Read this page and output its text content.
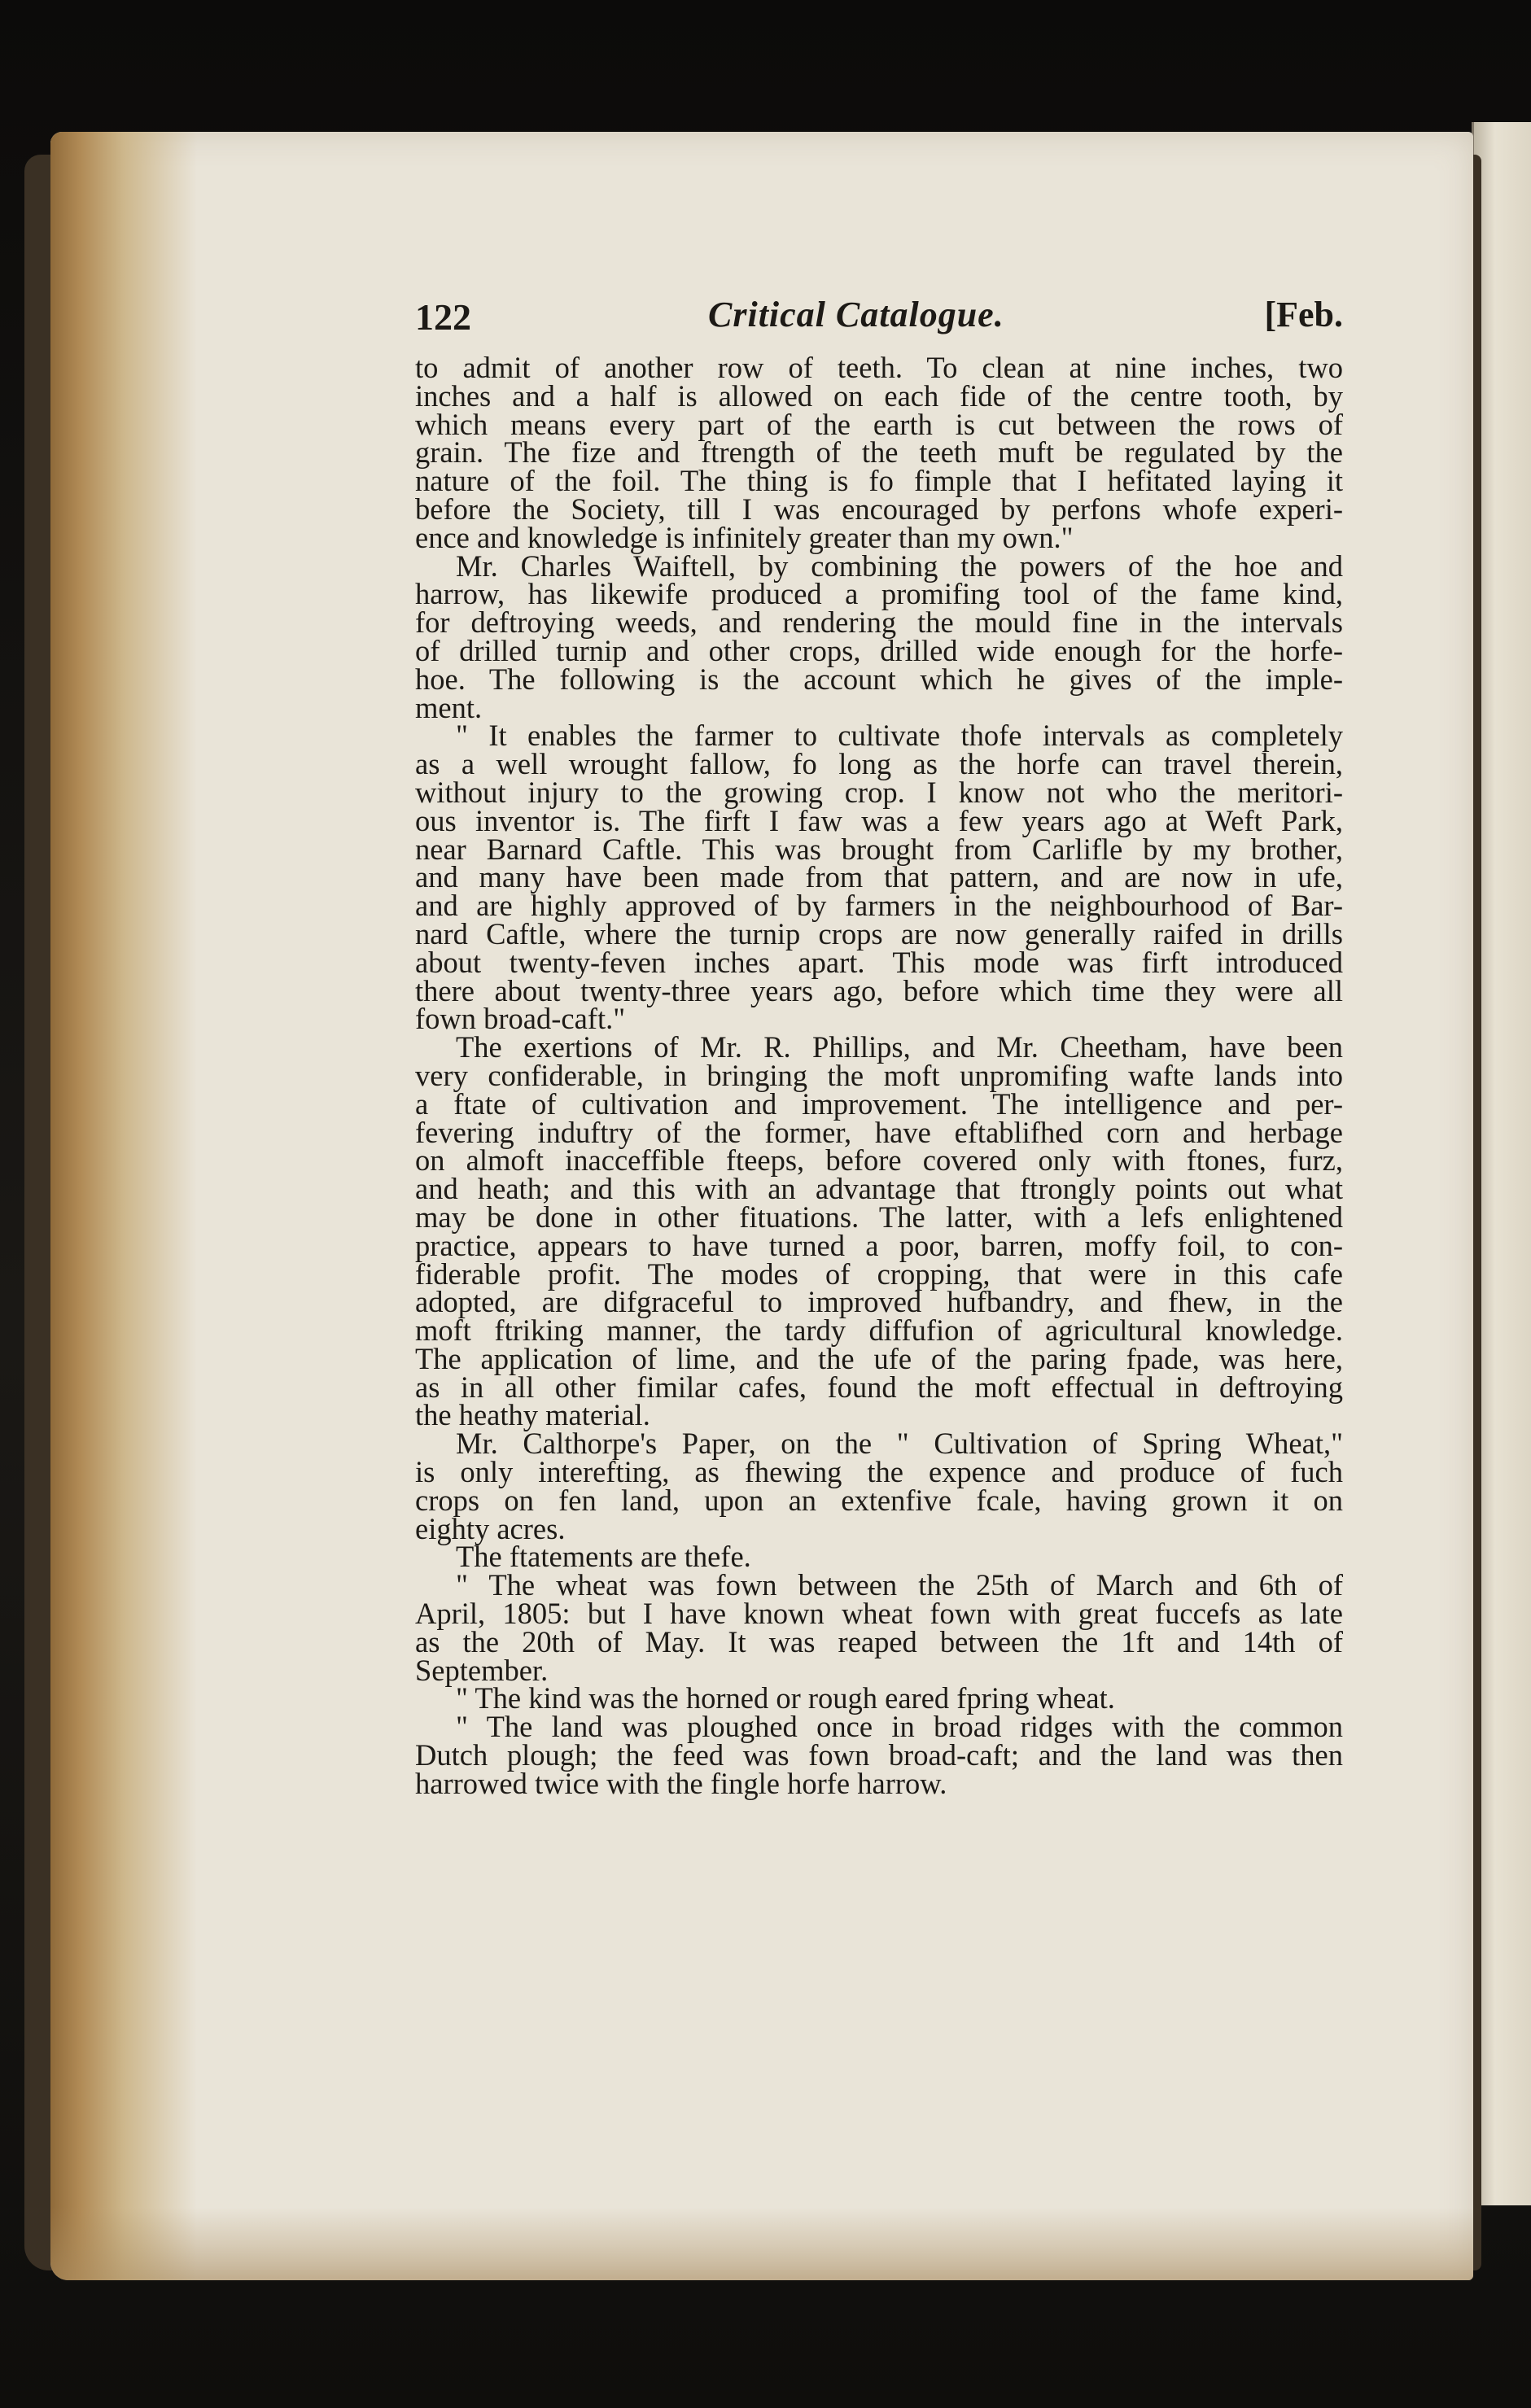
122	Critical Catalogue.	[Feb.
to admit of another row of teeth. To clean at nine inches, two
inches and a half is allowed on each fide of the centre tooth, by
which means every part of the earth is cut between the rows of
grain. The fize and ftrength of the teeth muft be regulated by the
nature of the foil. The thing is fo fimple that I hefitated laying it
before the Society, till I was encouraged by perfons whofe experi-
ence and knowledge is infinitely greater than my own."
Mr. Charles Waiftell, by combining the powers of the hoe and
harrow, has likewife produced a promifing tool of the fame kind,
for deftroying weeds, and rendering the mould fine in the intervals
of drilled turnip and other crops, drilled wide enough for the horfe-
hoe. The following is the account which he gives of the imple-
ment.
" It enables the farmer to cultivate thofe intervals as completely
as a well wrought fallow, fo long as the horfe can travel therein,
without injury to the growing crop. I know not who the meritori-
ous inventor is. The firft I faw was a few years ago at Weft Park,
near Barnard Caftle. This was brought from Carlifle by my brother,
and many have been made from that pattern, and are now in ufe,
and are highly approved of by farmers in the neighbourhood of Bar-
nard Caftle, where the turnip crops are now generally raifed in drills
about twenty-feven inches apart. This mode was firft introduced
there about twenty-three years ago, before which time they were all
fown broad-caft."
The exertions of Mr. R. Phillips, and Mr. Cheetham, have been
very confiderable, in bringing the moft unpromifing wafte lands into
a ftate of cultivation and improvement. The intelligence and per-
fevering induftry of the former, have eftablifhed corn and herbage
on almoft inacceffible fteeps, before covered only with ftones, furz,
and heath; and this with an advantage that ftrongly points out what
may be done in other fituations. The latter, with a lefs enlightened
practice, appears to have turned a poor, barren, moffy foil, to con-
fiderable profit. The modes of cropping, that were in this cafe
adopted, are difgraceful to improved hufbandry, and fhew, in the
moft ftriking manner, the tardy diffufion of agricultural knowledge.
The application of lime, and the ufe of the paring fpade, was here,
as in all other fimilar cafes, found the moft effectual in deftroying
the heathy material.
Mr. Calthorpe's Paper, on the " Cultivation of Spring Wheat,"
is only interefting, as fhewing the expence and produce of fuch
crops on fen land, upon an extenfive fcale, having grown it on
eighty acres.
The ftatements are thefe.
" The wheat was fown between the 25th of March and 6th of
April, 1805: but I have known wheat fown with great fuccefs as late
as the 20th of May. It was reaped between the 1ft and 14th of
September.
" The kind was the horned or rough eared fpring wheat.
" The land was ploughed once in broad ridges with the common
Dutch plough; the feed was fown broad-caft; and the land was then
harrowed twice with the fingle horfe harrow.
